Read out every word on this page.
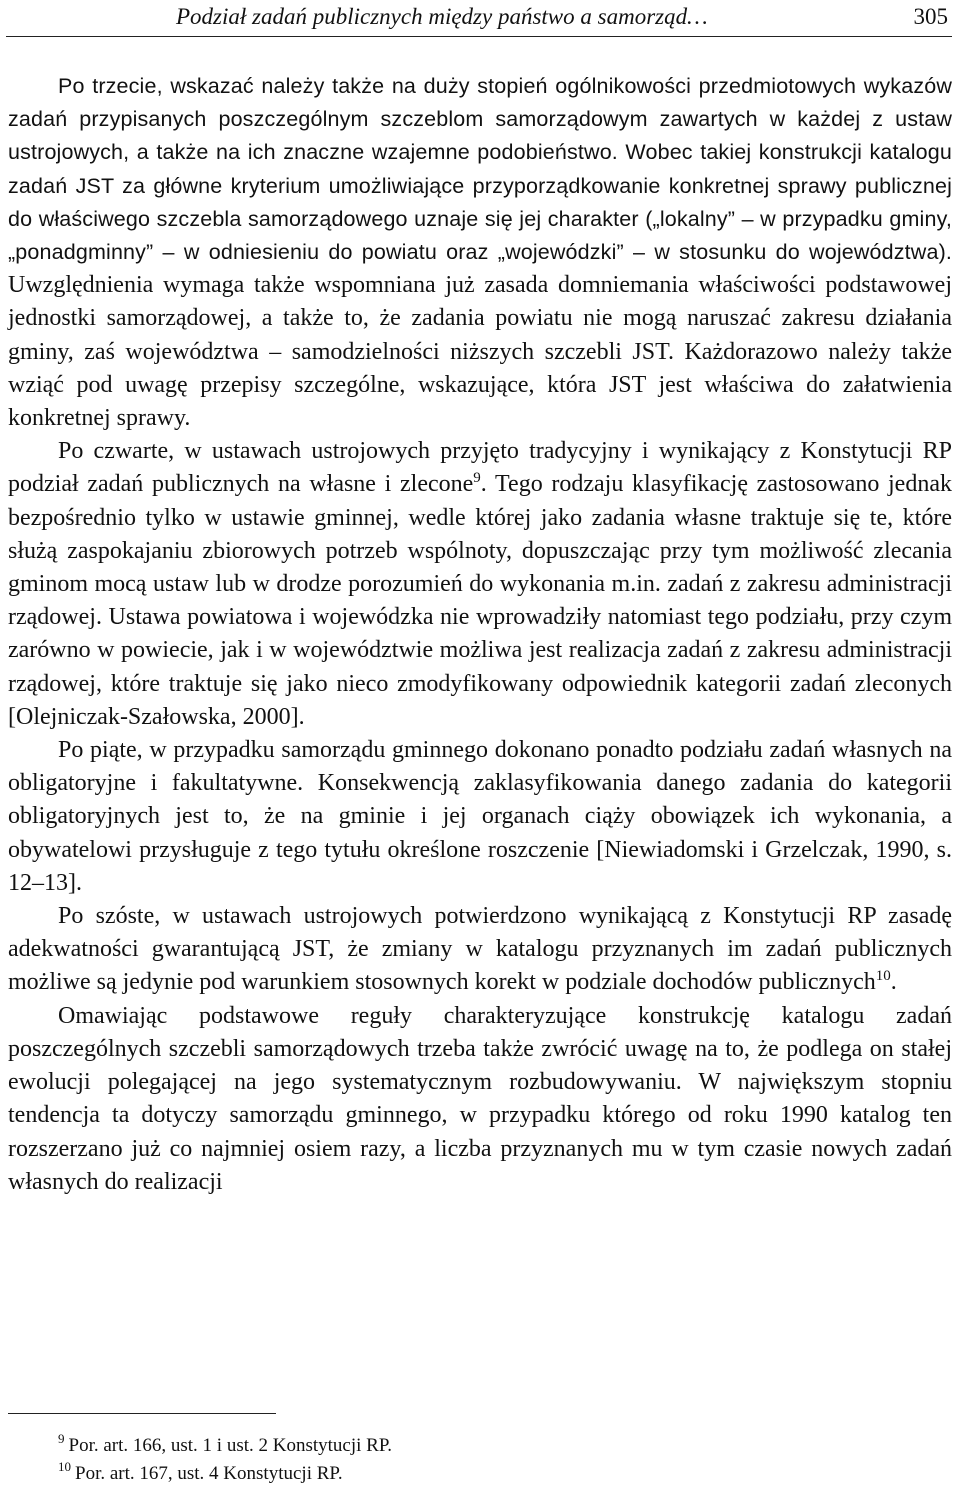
Podział zadań publicznych między państwo a samorząd…	305

Po trzecie, wskazać należy także na duży stopień ogólnikowości przedmiotowych wykazów zadań przypisanych poszczególnym szczeblom samorządowym zawartych w każdej z ustaw ustrojowych, a także na ich znaczne wzajemne podobieństwo. Wobec takiej konstrukcji katalogu zadań JST za główne kryterium umożliwiające przyporządkowanie konkretnej sprawy publicznej do właściwego szczebla samorządowego uznaje się jej charakter („lokalny” – w przypadku gminy, „ponadgminny” – w odniesieniu do powiatu oraz „wojewódzki” – w stosunku do województwa). Uwzględnienia wymaga także wspomniana już zasada domniemania właściwości podstawowej jednostki samorządowej, a także to, że zadania powiatu nie mogą naruszać zakresu działania gminy, zaś województwa – samodzielności niższych szczebli JST. Każdorazowo należy także wziąć pod uwagę przepisy szczególne, wskazujące, która JST jest właściwa do załatwienia konkretnej sprawy.

Po czwarte, w ustawach ustrojowych przyjęto tradycyjny i wynikający z Konstytucji RP podział zadań publicznych na własne i zlecone$^9$. Tego rodzaju klasyfikację zastosowano jednak bezpośrednio tylko w ustawie gminnej, wedle której jako zadania własne traktuje się te, które służą zaspokajaniu zbiorowych potrzeb wspólnoty, dopuszczając przy tym możliwość zlecania gminom mocą ustaw lub w drodze porozumień do wykonania m.in. zadań z zakresu administracji rządowej. Ustawa powiatowa i wojewódzka nie wprowadziły natomiast tego podziału, przy czym zarówno w powiecie, jak i w województwie możliwa jest realizacja zadań z zakresu administracji rządowej, które traktuje się jako nieco zmodyfikowany odpowiednik kategorii zadań zleconych [Olejniczak-Szałowska, 2000].

Po piąte, w przypadku samorządu gminnego dokonano ponadto podziału zadań własnych na obligatoryjne i fakultatywne. Konsekwencją zaklasyfikowania danego zadania do kategorii obligatoryjnych jest to, że na gminie i jej organach ciąży obowiązek ich wykonania, a obywatelowi przysługuje z tego tytułu określone roszczenie [Niewiadomski i Grzelczak, 1990, s. 12–13].

Po szóste, w ustawach ustrojowych potwierdzono wynikającą z Konstytucji RP zasadę adekwatności gwarantującą JST, że zmiany w katalogu przyznanych im zadań publicznych możliwe są jedynie pod warunkiem stosownych korekt w podziale dochodów publicznych$^{10}$.

Omawiając podstawowe reguły charakteryzujące konstrukcję katalogu zadań poszczególnych szczebli samorządowych trzeba także zwrócić uwagę na to, że podlega on stałej ewolucji polegającej na jego systematycznym rozbudowywaniu. W największym stopniu tendencja ta dotyczy samorządu gminnego, w przypadku którego od roku 1990 katalog ten rozszerzano już co najmniej osiem razy, a liczba przyznanych mu w tym czasie nowych zadań własnych do realizacji

$^9$ Por. art. 166, ust. 1 i ust. 2 Konstytucji RP.
$^{10}$ Por. art. 167, ust. 4 Konstytucji RP.
